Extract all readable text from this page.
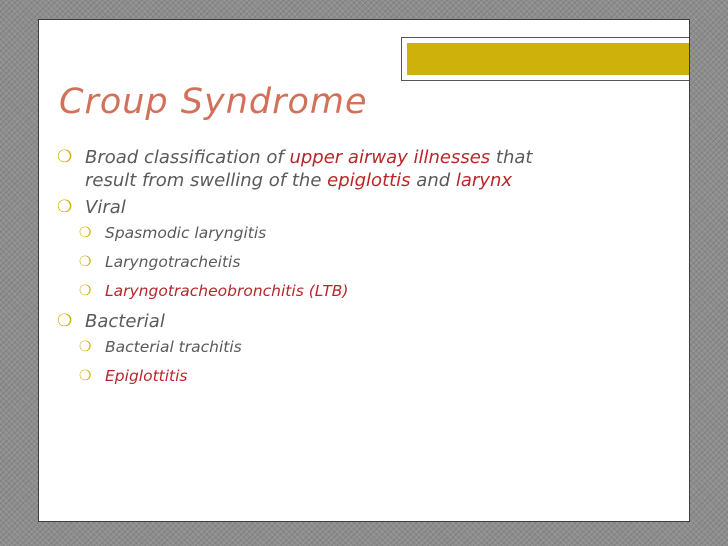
Croup Syndrome
❍ Broad classification of upper airway illnesses that
result from swelling of the epiglottis and larynx
❍ Viral
❍ Spasmodic laryngitis
❍ Laryngotracheitis
❍ Laryngotracheobronchitis (LTB)
❍ Bacterial
❍ Bacterial trachitis
❍ Epiglottitis
